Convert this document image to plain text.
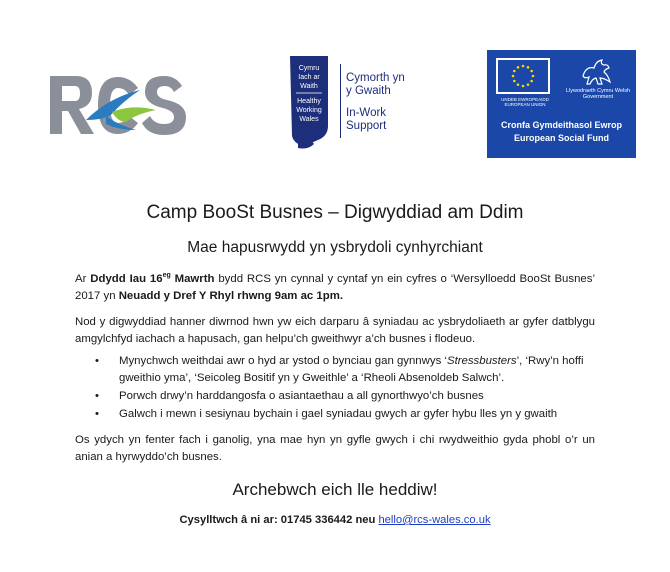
Cymru
Iach ar
Waith
Healthy
Working
Wales
Cymorth yn
y Gwaith
In-Work
Support
UNDEB EWROPEAIDD EUROPEAN UNION
Llywodraeth Cymru Welsh Government
Cronfa Gymdeithasol Ewrop
European Social Fund
Camp BooSt Busnes – Digwyddiad am Ddim
Mae hapusrwydd yn ysbrydoli cynhyrchiant
Ar Ddydd Iau $16^{eg}$ Mawrth bydd RCS yn cynnal y cyntaf yn ein cyfres o ‘Wersylloedd BooSt Busnes’ 2017 yn Neuadd y Dref Y Rhyl rhwng 9am ac 1pm.
Nod y digwyddiad hanner diwrnod hwn yw eich darparu â syniadau ac ysbrydoliaeth ar gyfer datblygu amgylchfyd iachach a hapusach, gan helpu’ch gweithwyr a’ch busnes i flodeuo.
• Mynychwch weithdai awr o hyd ar ystod o bynciau gan gynnwys ‘Stressbusters’, ‘Rwy’n hoffi gweithio yma’, ‘Seicoleg Bositif yn y Gweithle’ a ‘Rheoli Absenoldeb Salwch’.
• Porwch drwy’n harddangosfa o asiantaethau a all gynorthwyo’ch busnes
• Galwch i mewn i sesiynau bychain i gael syniadau gwych ar gyfer hybu lles yn y gwaith
Os ydych yn fenter fach i ganolig, yna mae hyn yn gyfle gwych i chi rwydweithio gyda phobl o’r un anian a hyrwyddo’ch busnes.
Archebwch eich lle heddiw!
Cysylltwch â ni ar: 01745 336442 neu hello@rcs-wales.co.uk
